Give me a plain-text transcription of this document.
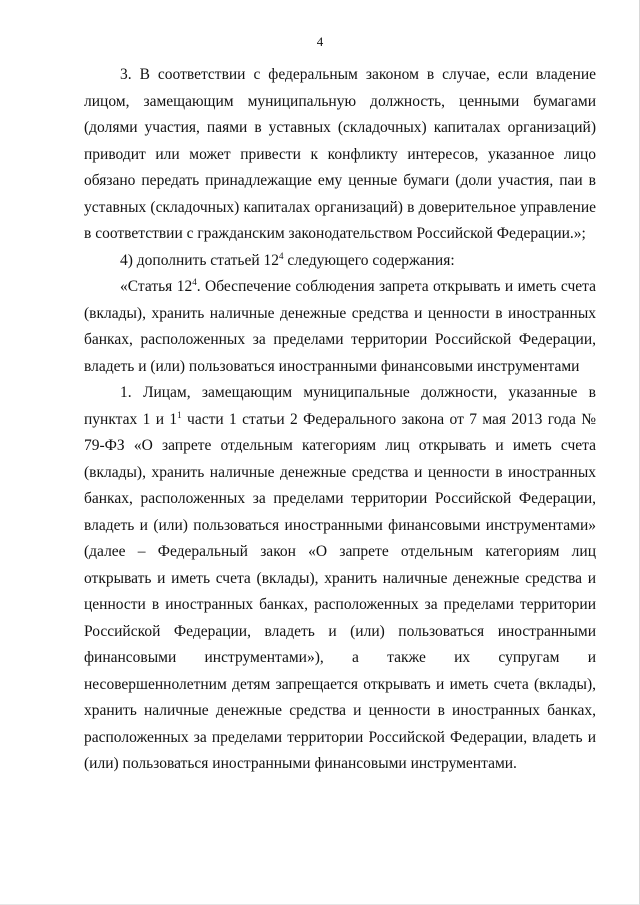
4

3. В соответствии с федеральным законом в случае, если владение лицом, замещающим муниципальную должность, ценными бумагами (долями участия, паями в уставных (складочных) капиталах организаций) приводит или может привести к конфликту интересов, указанное лицо обязано передать принадлежащие ему ценные бумаги (доли участия, паи в уставных (складочных) капиталах организаций) в доверительное управление в соответствии с гражданским законодательством Российской Федерации.»;

4) дополнить статьей $12^4$ следующего содержания:

«Статья $12^4$. Обеспечение соблюдения запрета открывать и иметь счета (вклады), хранить наличные денежные средства и ценности в иностранных банках, расположенных за пределами территории Российской Федерации, владеть и (или) пользоваться иностранными финансовыми инструментами

1. Лицам, замещающим муниципальные должности, указанные в пунктах 1 и $1^1$ части 1 статьи 2 Федерального закона от 7 мая 2013 года № 79-ФЗ «О запрете отдельным категориям лиц открывать и иметь счета (вклады), хранить наличные денежные средства и ценности в иностранных банках, расположенных за пределами территории Российской Федерации, владеть и (или) пользоваться иностранными финансовыми инструментами» (далее – Федеральный закон «О запрете отдельным категориям лиц открывать и иметь счета (вклады), хранить наличные денежные средства и ценности в иностранных банках, расположенных за пределами территории Российской Федерации, владеть и (или) пользоваться иностранными финансовыми инструментами»), а также их супругам и несовершеннолетним детям запрещается открывать и иметь счета (вклады), хранить наличные денежные средства и ценности в иностранных банках, расположенных за пределами территории Российской Федерации, владеть и (или) пользоваться иностранными финансовыми инструментами.
